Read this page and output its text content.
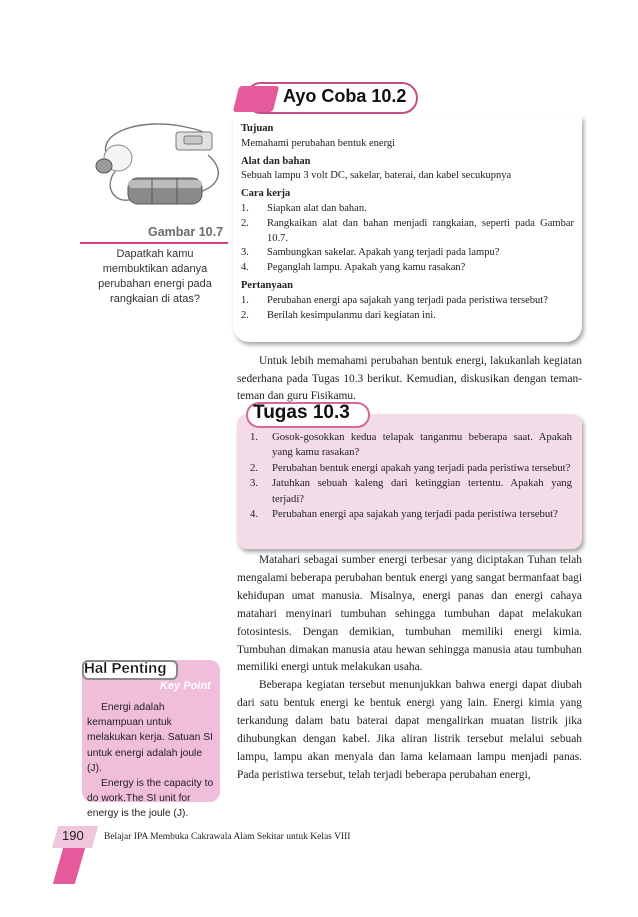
Gambar 10.7
Dapatkah kamu membuktikan adanya perubahan energi pada rangkaian di atas?
Tujuan
Memahami perubahan bentuk energi
Alat dan bahan
Sebuah lampu 3 volt DC, sakelar, baterai, dan kabel secukupnya
Cara kerja
1.	Siapkan alat dan bahan.
2.	Rangkaikan alat dan bahan menjadi rangkaian, seperti pada Gambar 10.7.
3.	Sambungkan sakelar. Apakah yang terjadi pada lampu?
4.	Peganglah lampu. Apakah yang kamu rasakan?
Pertanyaan
1.	Perubahan energi apa sajakah yang terjadi pada peristiwa tersebut?
2.	Berilah kesimpulanmu dari kegiatan ini.
Ayo Coba 10.2
Untuk lebih memahami perubahan bentuk energi, lakukanlah kegiatan sederhana pada Tugas 10.3 berikut. Kemudian, diskusikan dengan teman-teman dan guru Fisikamu.
Tugas 10.3
1.	Gosok-gosokkan kedua telapak tanganmu beberapa saat. Apakah yang kamu rasakan?
2.	Perubahan bentuk energi apakah yang terjadi pada peristiwa tersebut?
3.	Jatuhkan sebuah kaleng dari ketinggian tertentu. Apakah yang terjadi?
4.	Perubahan energi apa sajakah yang terjadi pada peristiwa tersebut?

Matahari sebagai sumber energi terbesar yang diciptakan Tuhan telah mengalami beberapa perubahan bentuk energi yang sangat bermanfaat bagi kehidupan umat manusia. Misalnya, energi panas dan energi cahaya matahari menyinari tumbuhan sehingga tumbuhan dapat melakukan fotosintesis. Dengan demikian, tumbuhan memiliki energi kimia. Tumbuhan dimakan manusia atau hewan sehingga manusia atau tumbuhan memiliki energi untuk melakukan usaha.

Beberapa kegiatan tersebut menunjukkan bahwa energi dapat diubah dari satu bentuk energi ke bentuk energi yang lain. Energi kimia yang terkandung dalam batu baterai dapat mengalirkan muatan listrik jika dihubungkan dengan kabel. Jika aliran listrik tersebut melalui sebuah lampu, lampu akan menyala dan lama kelamaan lampu menjadi panas. Pada peristiwa tersebut, telah terjadi beberapa perubahan energi,

Hal Penting
Key Point

Energi adalah kemampuan untuk melakukan kerja. Satuan SI untuk energi adalah joule (J).

Energy is the capacity to do work.The SI unit for energy is the joule (J).

190 Belajar IPA Membuka Cakrawala Alam Sekitar untuk Kelas VIII
